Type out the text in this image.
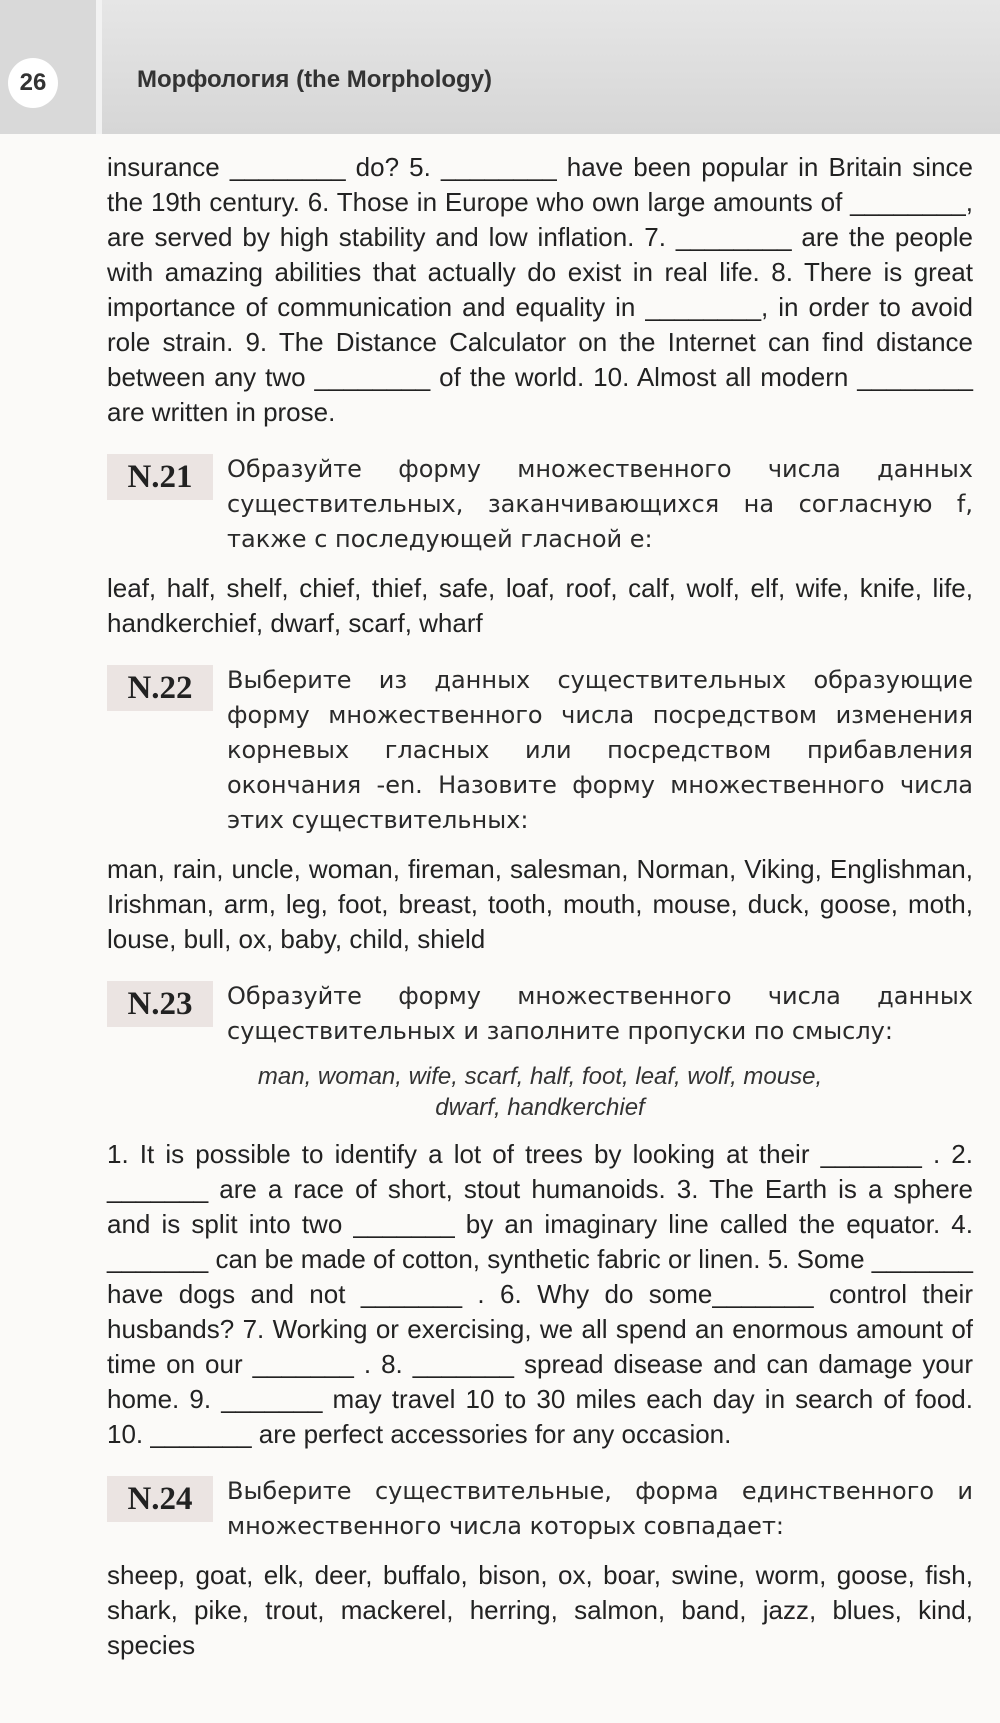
26	Морфология (the Morphology)

insurance ________ do? 5. ________ have been popular in Britain since the 19th century. 6. Those in Europe who own large amounts of ________, are served by high stability and low inflation. 7. ________ are the people with amazing abilities that actually do exist in real life. 8. There is great importance of communication and equality in ________, in order to avoid role strain. 9. The Distance Calculator on the Internet can find distance between any two ________ of the world. 10. Almost all modern ________ are written in prose.

N.21	Образуйте форму множественного числа данных существительных, заканчивающихся на согласную f, также с последующей гласной e:

leaf, half, shelf, chief, thief, safe, loaf, roof, calf, wolf, elf, wife, knife, life, handkerchief, dwarf, scarf, wharf

N.22	Выберите из данных существительных образующие форму множественного числа посредством изменения корневых гласных или посредством прибавления окончания -en. Назовите форму множественного числа этих существительных:

man, rain, uncle, woman, fireman, salesman, Norman, Viking, Englishman, Irishman, arm, leg, foot, breast, tooth, mouth, mouse, duck, goose, moth, louse, bull, ox, baby, child, shield

N.23	Образуйте форму множественного числа данных существительных и заполните пропуски по смыслу:

man, woman, wife, scarf, half, foot, leaf, wolf, mouse,
dwarf, handkerchief

1. It is possible to identify a lot of trees by looking at their _______ . 2. _______ are a race of short, stout humanoids. 3. The Earth is a sphere and is split into two _______ by an imaginary line called the equator. 4. _______ can be made of cotton, synthetic fabric or linen. 5. Some _______ have dogs and not _______ . 6. Why do some_______ control their husbands? 7. Working or exercising, we all spend an enormous amount of time on our _______ . 8. _______ spread disease and can damage your home. 9. _______ may travel 10 to 30 miles each day in search of food. 10. _______ are perfect accessories for any occasion.

N.24	Выберите существительные, форма единственного и множественного числа которых совпадает:

sheep, goat, elk, deer, buffalo, bison, ox, boar, swine, worm, goose, fish, shark, pike, trout, mackerel, herring, salmon, band, jazz, blues, kind, species
